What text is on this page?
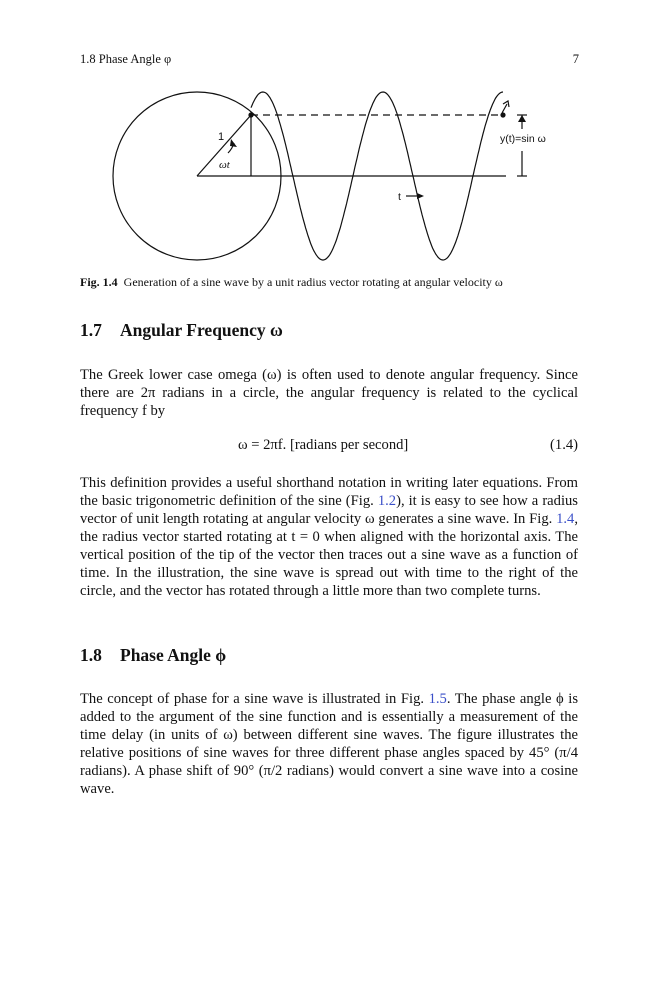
1.8 Phase Angle φ	7
1
ωt
t
y(t)=sin ω
Fig. 1.4 Generation of a sine wave by a unit radius vector rotating at angular velocity ω
1.7 Angular Frequency ω
The Greek lower case omega (ω) is often used to denote angular frequency. Since there are 2π radians in a circle, the angular frequency is related to the cyclical frequency f by
ω = 2πf. [radians per second]	(1.4)
This definition provides a useful shorthand notation in writing later equations. From the basic trigonometric definition of the sine (Fig. 1.2), it is easy to see how a radius vector of unit length rotating at angular velocity ω generates a sine wave. In Fig. 1.4, the radius vector started rotating at t = 0 when aligned with the horizontal axis. The vertical position of the tip of the vector then traces out a sine wave as a function of time. In the illustration, the sine wave is spread out with time to the right of the circle, and the vector has rotated through a little more than two complete turns.
1.8 Phase Angle ϕ
The concept of phase for a sine wave is illustrated in Fig. 1.5. The phase angle ϕ is added to the argument of the sine function and is essentially a measurement of the time delay (in units of ω) between different sine waves. The figure illustrates the relative positions of sine waves for three different phase angles spaced by 45° (π/4 radians). A phase shift of 90° (π/2 radians) would convert a sine wave into a cosine wave.
